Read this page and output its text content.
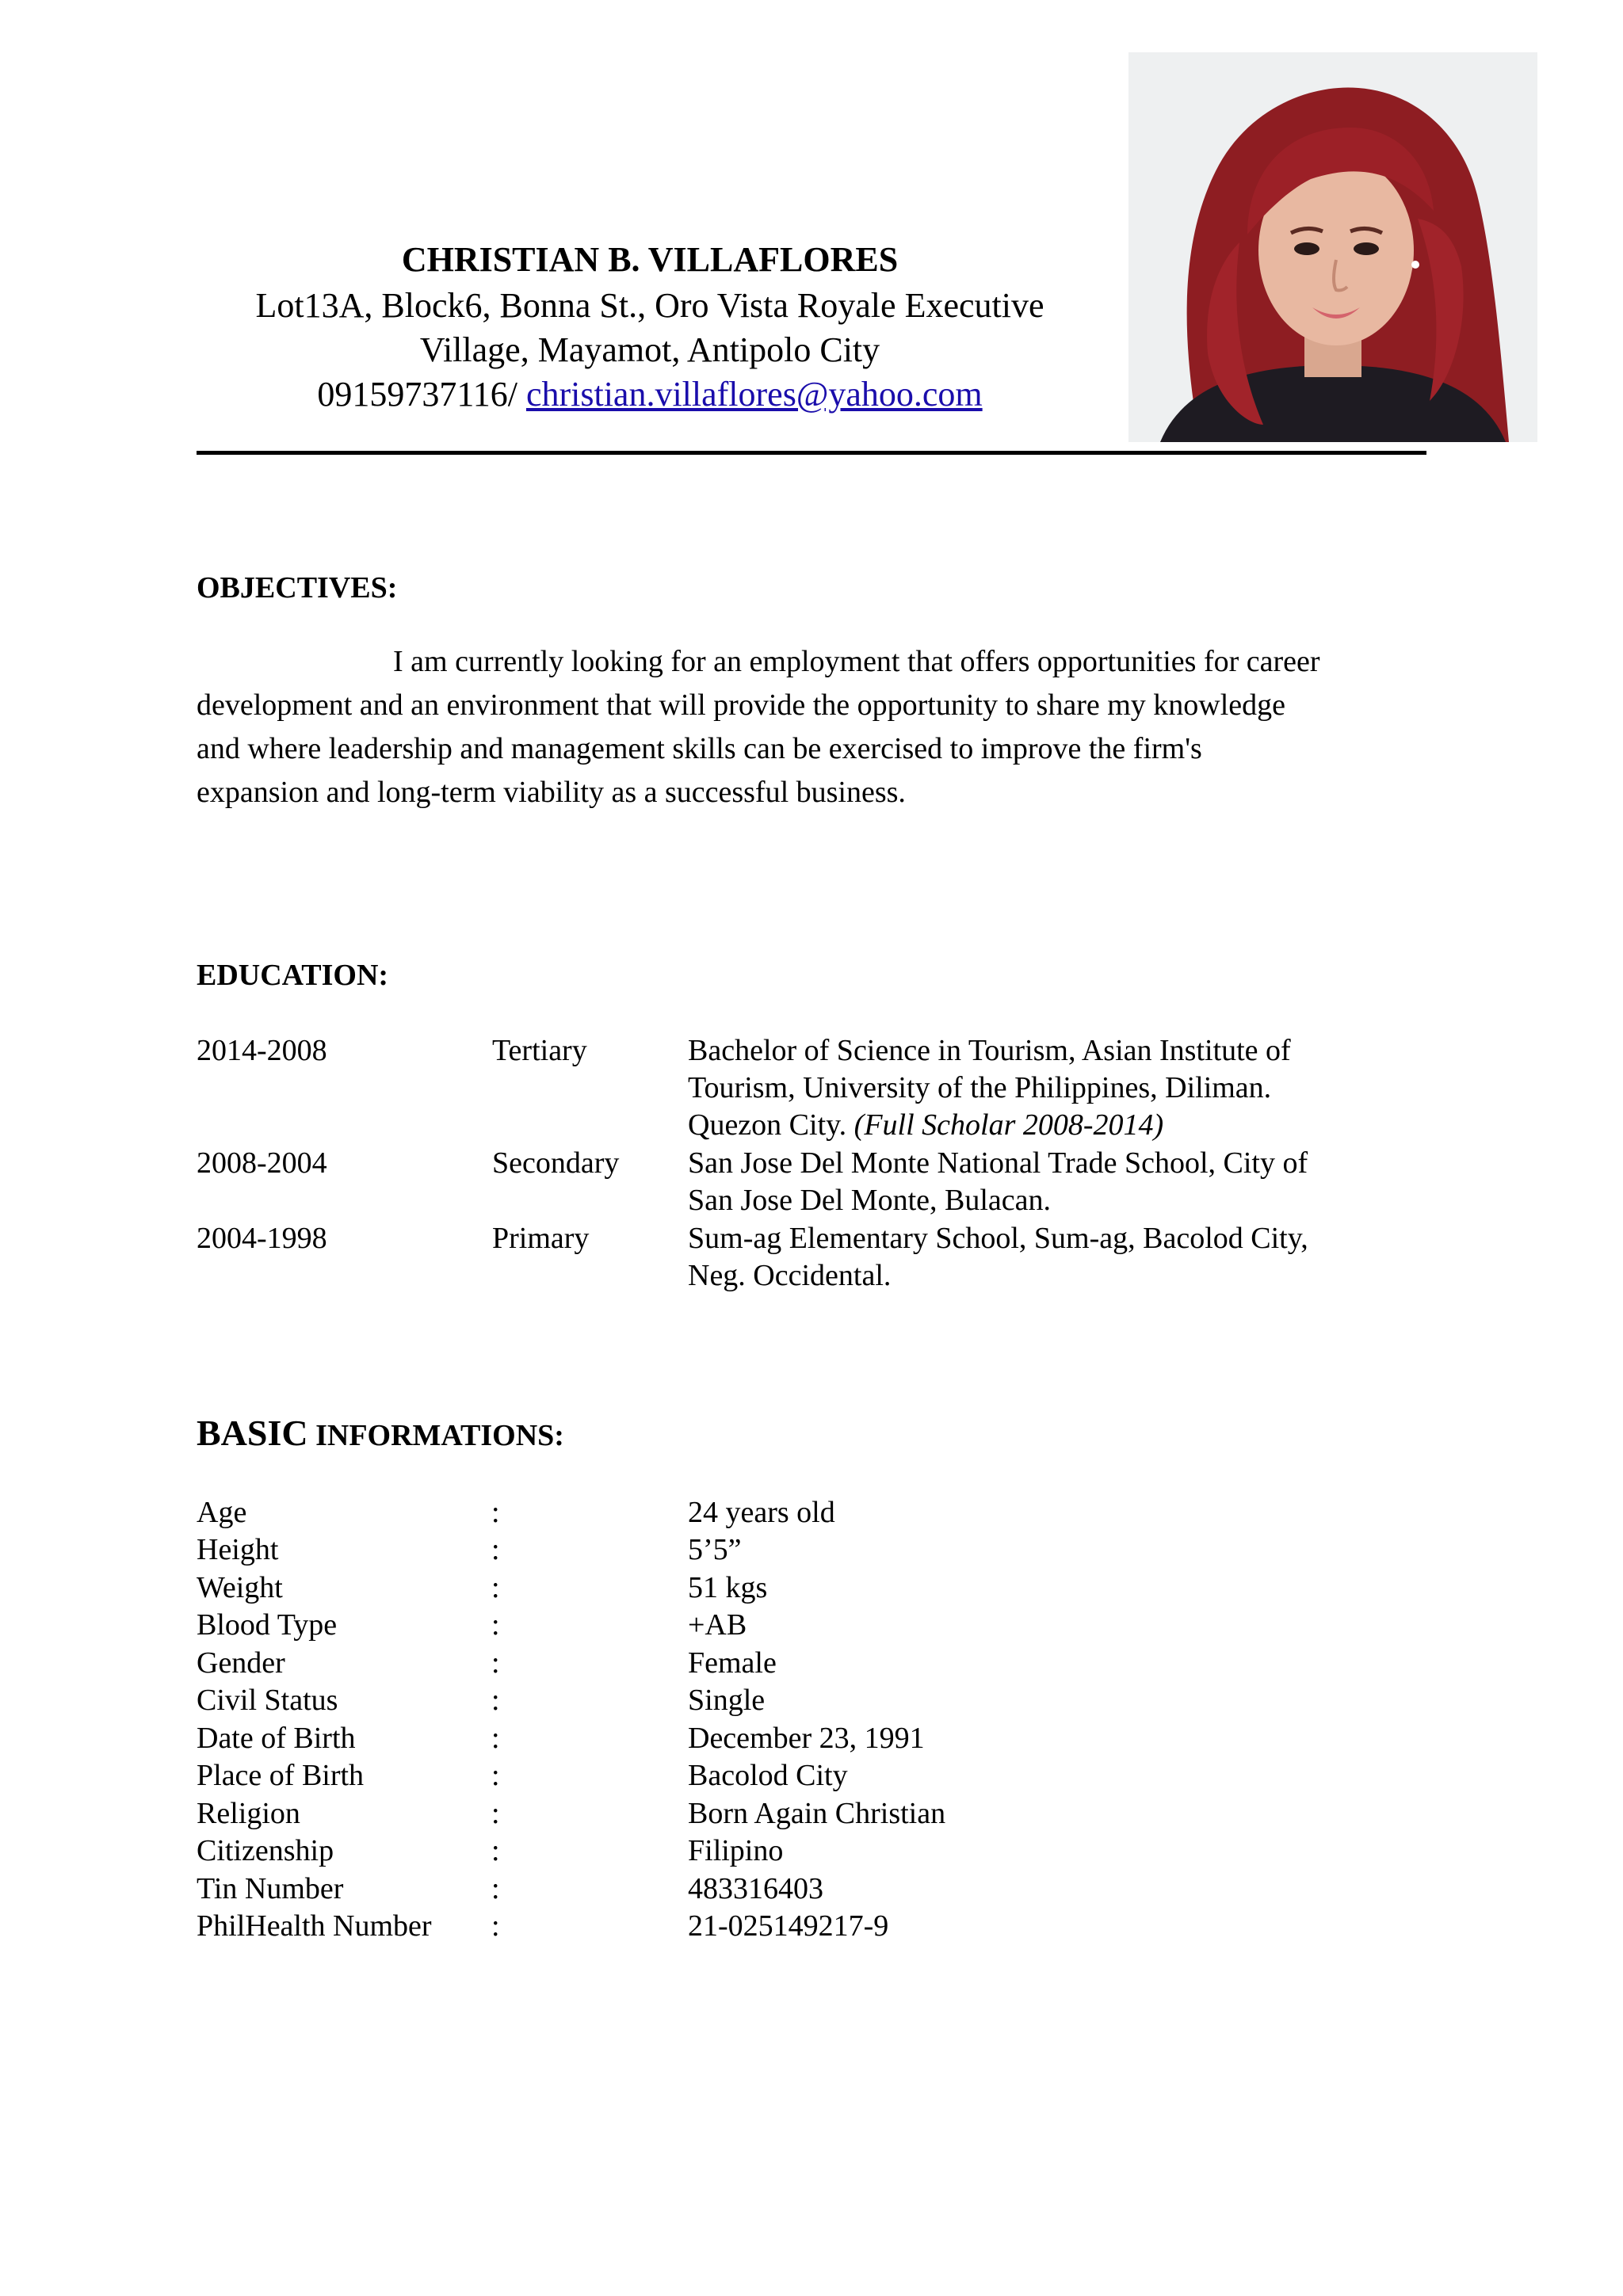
CHRISTIAN B. VILLAFLORES
Lot13A, Block6, Bonna St., Oro Vista Royale Executive
Village, Mayamot, Antipolo City
09159737116/ christian.villaflores@yahoo.com
OBJECTIVES:
I am currently looking for an employment that offers opportunities for career
development and an environment that will provide the opportunity to share my knowledge
and where leadership and management skills can be exercised to improve the firm's
expansion and long-term viability as a successful business.
EDUCATION:
2014-2008	Tertiary	Bachelor of Science in Tourism, Asian Institute of
Tourism, University of the Philippines, Diliman.
Quezon City. (Full Scholar 2008-2014)
2008-2004	Secondary San Jose Del Monte National Trade School, City of
San Jose Del Monte, Bulacan.
2004-1998	Primary	Sum-ag Elementary School, Sum-ag, Bacolod City,
Neg. Occidental.
BASIC INFORMATIONS:
Age	:	24 years old
Height	:	5’5”
Weight	:	51 kgs
Blood Type	:	+AB
Gender	:	Female
Civil Status	:	Single
Date of Birth	:	December 23, 1991
Place of Birth	:	Bacolod City
Religion	:	Born Again Christian
Citizenship	:	Filipino
Tin Number	:	483316403
PhilHealth Number :	21-025149217-9
